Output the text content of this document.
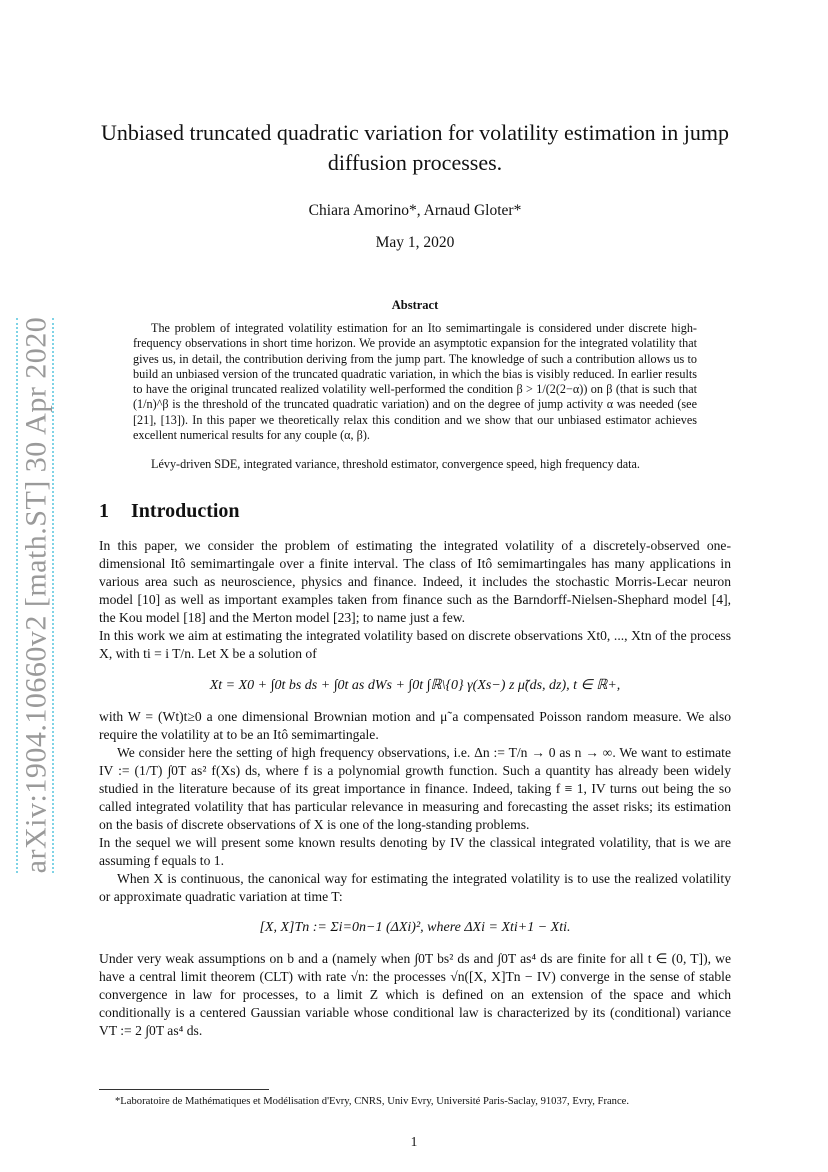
arXiv:1904.10660v2 [math.ST] 30 Apr 2020
Unbiased truncated quadratic variation for volatility estimation in jump diffusion processes.
Chiara Amorino*, Arnaud Gloter*
May 1, 2020
Abstract

The problem of integrated volatility estimation for an Ito semimartingale is considered under discrete high-frequency observations in short time horizon. We provide an asymptotic expansion for the integrated volatility that gives us, in detail, the contribution deriving from the jump part. The knowledge of such a contribution allows us to build an unbiased version of the truncated quadratic variation, in which the bias is visibly reduced. In earlier results to have the original truncated realized volatility well-performed the condition β > 1/(2(2−α)) on β (that is such that (1/n)^β is the threshold of the truncated quadratic variation) and on the degree of jump activity α was needed (see [21], [13]). In this paper we theoretically relax this condition and we show that our unbiased estimator achieves excellent numerical results for any couple (α, β).

Lévy-driven SDE, integrated variance, threshold estimator, convergence speed, high frequency data.

1 Introduction

In this paper, we consider the problem of estimating the integrated volatility of a discretely-observed one-dimensional Itô semimartingale over a finite interval. The class of Itô semimartingales has many applications in various area such as neuroscience, physics and finance. Indeed, it includes the stochastic Morris-Lecar neuron model [10] as well as important examples taken from finance such as the Barndorff-Nielsen-Shephard model [4], the Kou model [18] and the Merton model [23]; to name just a few.

In this work we aim at estimating the integrated volatility based on discrete observations Xt0, ..., Xtn of the process X, with ti = i T/n. Let X be a solution of

Xt = X0 + ∫0t bs ds + ∫0t as dWs + ∫0t ∫ℝ\{0} γ(Xs−) z μ̃(ds, dz), t ∈ ℝ+,

with W = (Wt)t≥0 a one dimensional Brownian motion and μ̃ a compensated Poisson random measure. We also require the volatility at to be an Itô semimartingale.

We consider here the setting of high frequency observations, i.e. Δn := T/n → 0 as n → ∞. We want to estimate IV := (1/T) ∫0T as² f(Xs) ds, where f is a polynomial growth function. Such a quantity has already been widely studied in the literature because of its great importance in finance. Indeed, taking f ≡ 1, IV turns out being the so called integrated volatility that has particular relevance in measuring and forecasting the asset risks; its estimation on the basis of discrete observations of X is one of the long-standing problems.

In the sequel we will present some known results denoting by IV the classical integrated volatility, that is we are assuming f equals to 1.

When X is continuous, the canonical way for estimating the integrated volatility is to use the realized volatility or approximate quadratic variation at time T:

[X, X]Tn := Σi=0n−1 (ΔXi)², where ΔXi = Xti+1 − Xti.

Under very weak assumptions on b and a (namely when ∫0T bs² ds and ∫0T as⁴ ds are finite for all t ∈ (0, T]), we have a central limit theorem (CLT) with rate √n: the processes √n([X, X]Tn − IV) converge in the sense of stable convergence in law for processes, to a limit Z which is defined on an extension of the space and which conditionally is a centered Gaussian variable whose conditional law is characterized by its (conditional) variance VT := 2 ∫0T as⁴ ds.

*Laboratoire de Mathématiques et Modélisation d'Evry, CNRS, Univ Evry, Université Paris-Saclay, 91037, Evry, France.
1
